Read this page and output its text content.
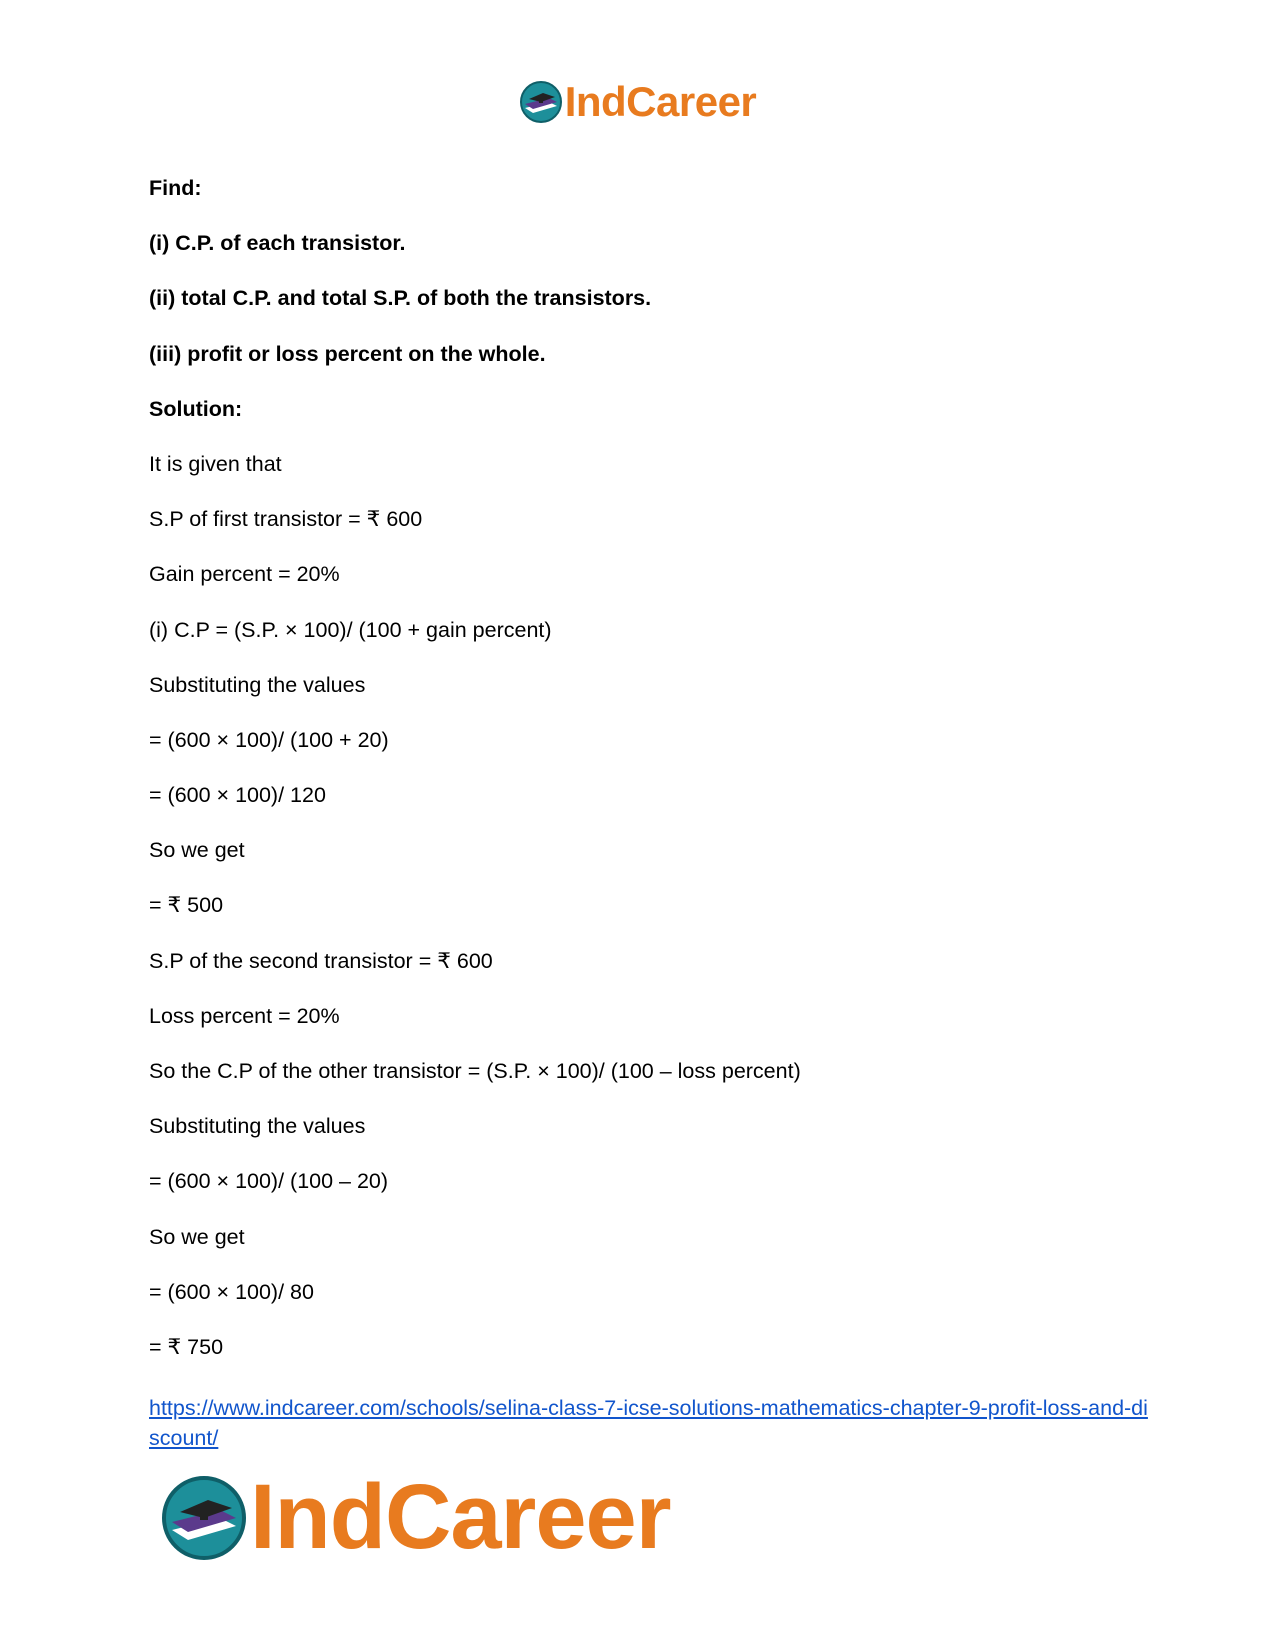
IndCareer
Find:
(i) C.P. of each transistor.
(ii) total C.P. and total S.P. of both the transistors.
(iii) profit or loss percent on the whole.
Solution:
It is given that
S.P of first transistor = ₹ 600
Gain percent = 20%
(i) C.P = (S.P. × 100)/ (100 + gain percent)
Substituting the values
= (600 × 100)/ (100 + 20)
= (600 × 100)/ 120
So we get
= ₹ 500
S.P of the second transistor = ₹ 600
Loss percent = 20%
So the C.P of the other transistor = (S.P. × 100)/ (100 – loss percent)
Substituting the values
= (600 × 100)/ (100 – 20)
So we get
= (600 × 100)/ 80
= ₹ 750
https://www.indcareer.com/schools/selina-class-7-icse-solutions-mathematics-chapter-9-profit-loss-and-discount/
IndCareer
